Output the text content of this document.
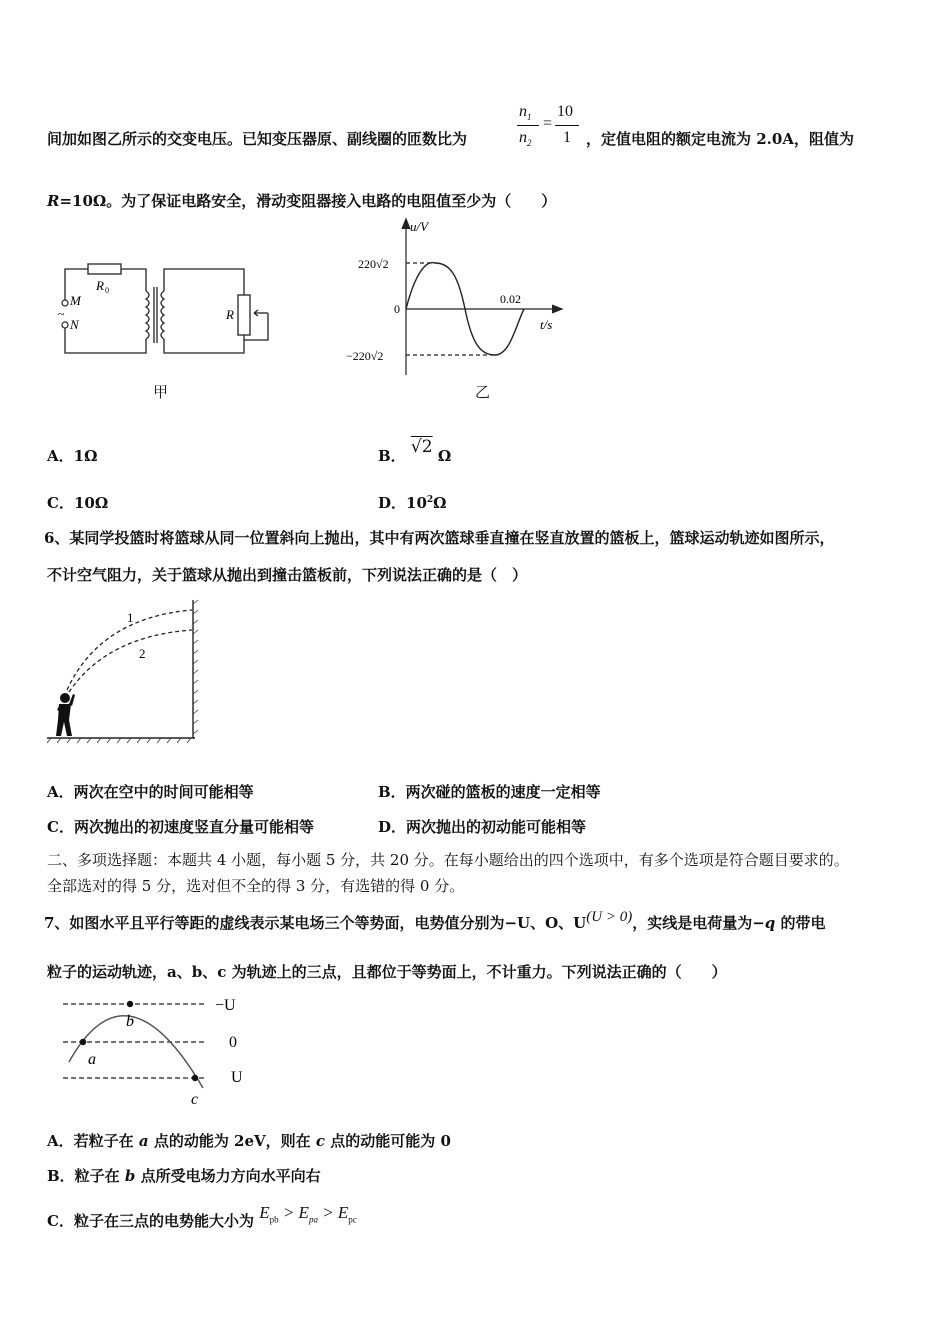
间加如图乙所示的交变电压。已知变压器原、副线圈的匝数比为
$n_1$
$n_2$
=
10
1 ，定值电阻的额定电流为 2.0A，阻值为
R=10Ω。为了保证电路安全，滑动变阻器接入电路的电阻值至少为（　　）
M
~
N
R 0
R
甲
u/V
t/s
220√2
−220√2
0
0.02
乙
A．1Ω	B． √2 Ω
C．10Ω	D．$10^2\Omega$
6、某同学投篮时将篮球从同一位置斜向上抛出，其中有两次篮球垂直撞在竖直放置的篮板上，篮球运动轨迹如图所示，
不计空气阻力，关于篮球从抛出到撞击篮板前，下列说法正确的是（　）
1
2
A．两次在空中的时间可能相等	B．两次碰的篮板的速度一定相等
C．两次抛出的初速度竖直分量可能相等	D．两次抛出的初动能可能相等
二、多项选择题：本题共 4 小题，每小题 5 分，共 20 分。在每小题给出的四个选项中，有多个选项是符合题目要求的。
全部选对的得 5 分，选对但不全的得 3 分，有选错的得 0 分。
7、如图水平且平行等距的虚线表示某电场三个等势面，电势值分别为−U、O、U(U > 0)，实线是电荷量为−q 的带电
粒子的运动轨迹，a、b、c 为轨迹上的三点，且都位于等势面上，不计重力。下列说法正确的（　　）
a
b
c
−U
0
U
A．若粒子在 a 点的动能为 2eV，则在 c 点的动能可能为 0
B．粒子在 b 点所受电场力方向水平向右
C．粒子在三点的电势能大小为 $E_{pb} > E_{pa} > E_{pc}$
